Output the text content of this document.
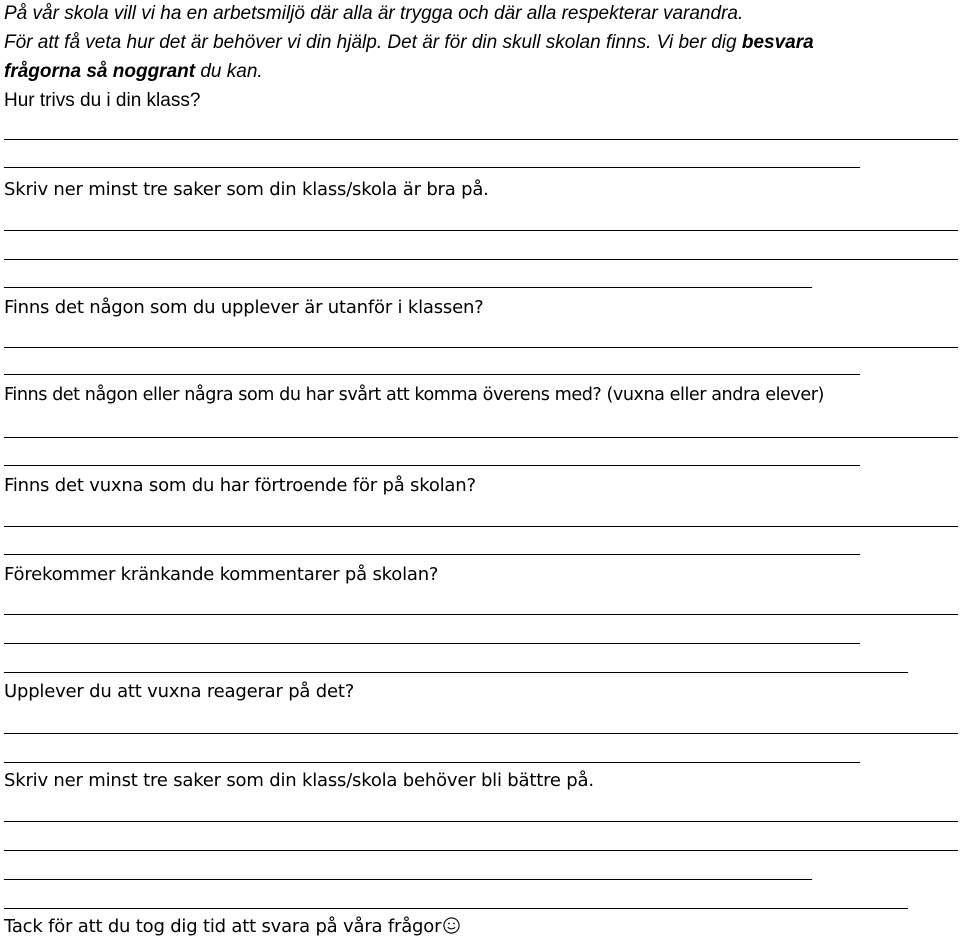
På vår skola vill vi ha en arbetsmiljö där alla är trygga och där alla respekterar varandra.

För att få veta hur det är behöver vi din hjälp. Det är för din skull skolan finns. Vi ber dig besvara

frågorna så noggrant du kan.

Hur trivs du i din klass?

Skriv ner minst tre saker som din klass/skola är bra på.

Finns det någon som du upplever är utanför i klassen?

Finns det någon eller några som du har svårt att komma överens med? (vuxna eller andra elever)

Finns det vuxna som du har förtroende för på skolan?

Förekommer kränkande kommentarer på skolan?

Upplever du att vuxna reagerar på det?

Skriv ner minst tre saker som din klass/skola behöver bli bättre på.

Tack för att du tog dig tid att svara på våra frågor
